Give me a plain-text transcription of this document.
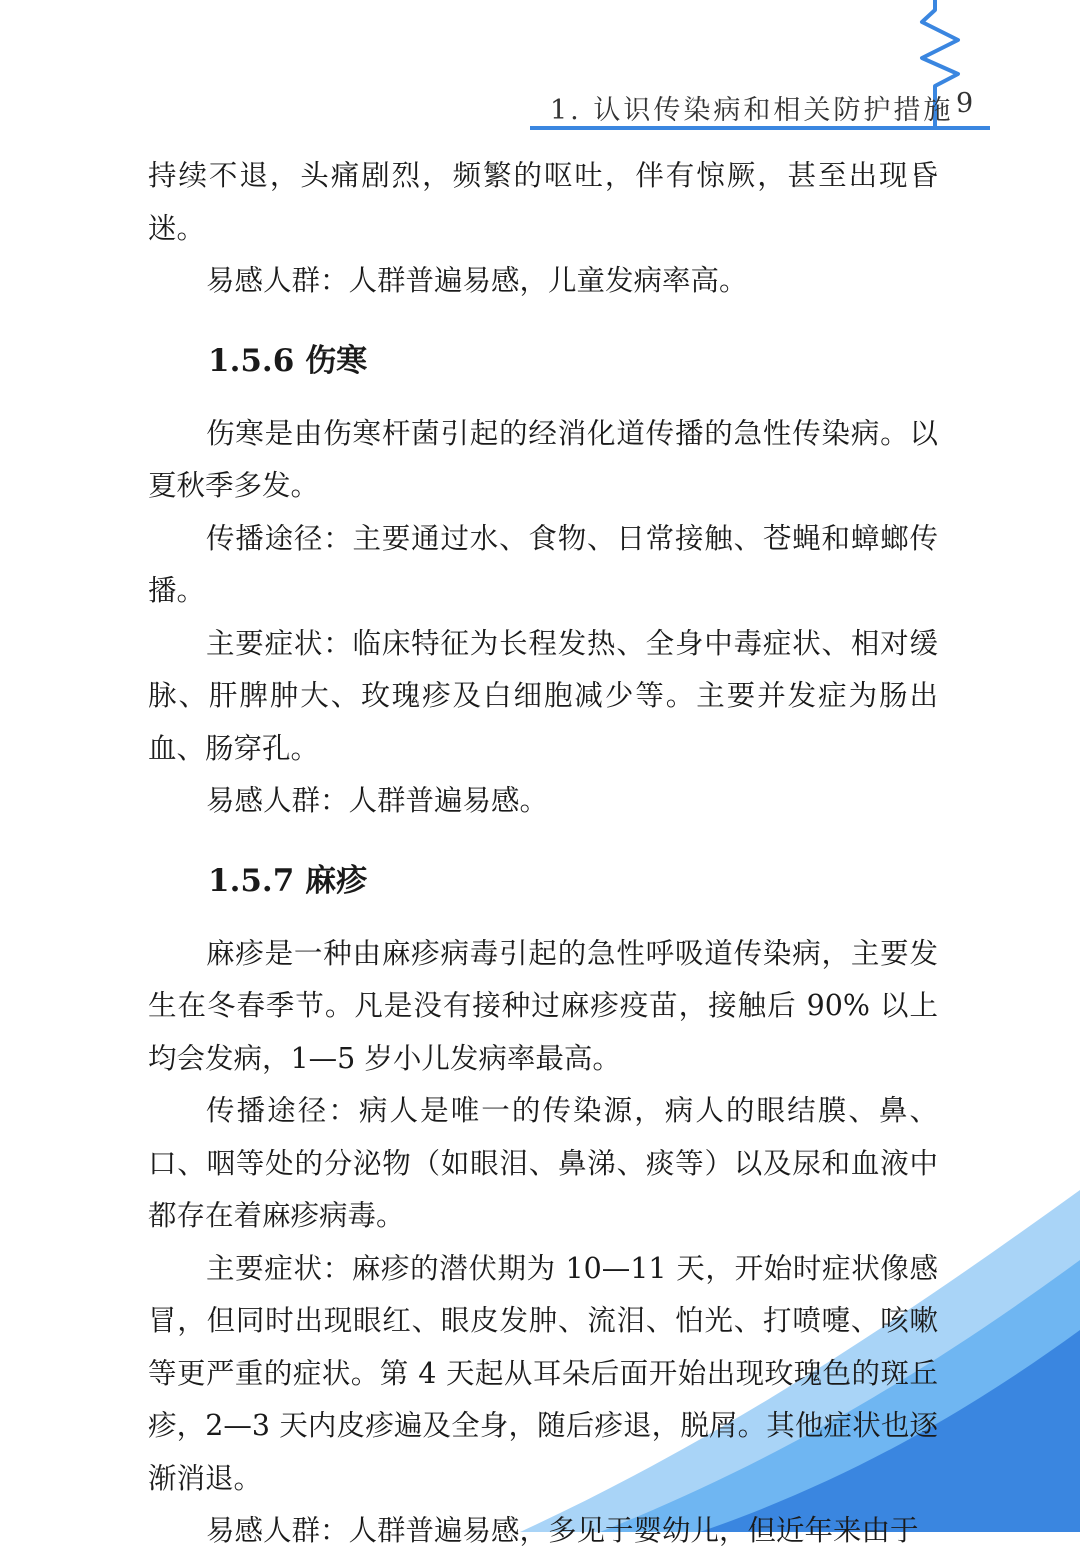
1. 认识传染病和相关防护措施 9

持续不退，头痛剧烈，频繁的呕吐，伴有惊厥，甚至出现昏迷。

易感人群：人群普遍易感，儿童发病率高。

1.5.6 伤寒

伤寒是由伤寒杆菌引起的经消化道传播的急性传染病。以夏秋季多发。

传播途径：主要通过水、食物、日常接触、苍蝇和蟑螂传播。

主要症状：临床特征为长程发热、全身中毒症状、相对缓脉、肝脾肿大、玫瑰疹及白细胞减少等。主要并发症为肠出血、肠穿孔。

易感人群：人群普遍易感。

1.5.7 麻疹

麻疹是一种由麻疹病毒引起的急性呼吸道传染病，主要发生在冬春季节。凡是没有接种过麻疹疫苗，接触后 90% 以上均会发病，1—5 岁小儿发病率最高。

传播途径：病人是唯一的传染源，病人的眼结膜、鼻、口、咽等处的分泌物（如眼泪、鼻涕、痰等）以及尿和血液中都存在着麻疹病毒。

主要症状：麻疹的潜伏期为 10—11 天，开始时症状像感冒，但同时出现眼红、眼皮发肿、流泪、怕光、打喷嚏、咳嗽等更严重的症状。第 4 天起从耳朵后面开始出现玫瑰色的斑丘疹，2—3 天内皮疹遍及全身，随后疹退，脱屑。其他症状也逐渐消退。

易感人群：人群普遍易感，多见于婴幼儿，但近年来由于
